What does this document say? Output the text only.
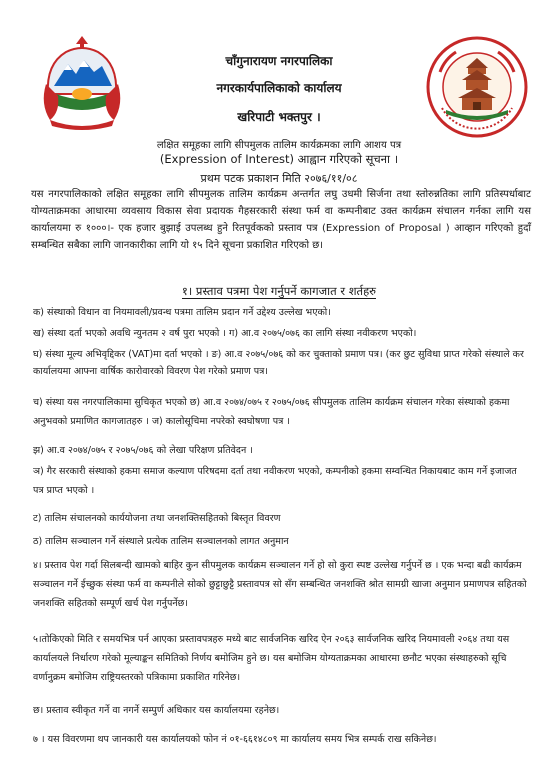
चाँगुनारायण नगरपालिका
नगरकार्यपालिकाको कार्यालय
खरिपाटी भक्तपुर ।
लक्षित समूहका लागि सीपमुलक तालिम कार्यक्रमका लागि आशय पत्र
(Expression of Interest) आह्वान गरिएको सूचना ।
प्रथम पटक प्रकाशन मिति २०७६/११/०८
यस नगरपालिकाको लक्षित समूहका लागि सीपमुलक तालिम कार्यक्रम अन्तर्गत लघु उधमी सिर्जना तथा स्तोरुन्नतिका लागि प्रतिस्पर्धाबाट योग्यताक्रमका आधारमा व्यवसाय विकास सेवा प्रदायक गैहसरकारी संस्था फर्म वा कम्पनीबाट उक्त कार्यक्रम संचालन गर्नका लागि यस कार्यालयमा रु १०००।- एक हजार बुझाई उपलब्ध हुने रितपूर्वकको प्रस्ताव पत्र (Expression of Proposal ) आव्हान गरिएको हुदाँ सम्बन्धित सबैका लागि जानकारीका लागि यो १५ दिने सूचना प्रकाशित गरिएको छ।
१। प्रस्ताव पत्रमा पेश गर्नुपर्ने कागजात र शर्तहरु
क) संस्थाको विधान वा नियमावली/प्रवन्ध पत्रमा तालिम प्रदान गर्ने उद्देश्य उल्लेख भएको।
ख) संस्था दर्ता भएको अवधि न्युनतम २ वर्ष पुरा भएको । ग) आ.व २०७५/०७६ का लागि संस्था नवीकरण भएको।
घ) संस्था मूल्य अभिवृद्दिकर (VAT)मा दर्ता भएको । ङ) आ.व २०७५/०७६ को कर चुक्ताको प्रमाण पत्र। (कर छुट सुविधा प्राप्त गरेको संस्थाले कर कार्यालयमा आफ्ना वार्षिक कारोवारको विवरण पेश गरेको प्रमाण पत्र।
च) संस्था यस नगरपालिकामा सुचिकृत भएको छ) आ.व २०७४/०७५ र २०७५/०७६ सीपमुलक तालिम कार्यक्रम संचालन गरेका संस्थाको हकमा अनुभवको प्रमाणित कागजातहरु । ज) कालोसूचिमा नपरेको स्वघोषणा पत्र ।
झ) आ.व २०७४/०७५ र २०७५/०७६ को लेखा परिक्षण प्रतिवेदन ।
ञ) गैर सरकारी संस्थाको हकमा समाज कल्याण परिषदमा दर्ता तथा नवीकरण भएको, कम्पनीको हकमा सम्वन्धित निकायबाट काम गर्ने इजाजत पत्र प्राप्त भएको ।
ट) तालिम संचालनको कार्ययोजना तथा जनशक्तिसहितको बिस्तृत विवरण
ठ) तालिम सञ्चालन गर्ने संस्थाले प्रत्येक तालिम सञ्चालनको लागत अनुमान
४। प्रस्ताव पेश गर्दा सिलबन्दी खामको बाहिर कुन सीपमुलक कार्यक्रम सञ्चालन गर्ने हो सो कुरा स्पष्ट उल्लेख गर्नुपर्ने छ । एक भन्दा बढी कार्यक्रम सञ्चालन गर्ने ईच्छुक संस्था फर्म वा कम्पनीले सोको छुट्टाछुट्टै प्रस्तावपत्र सो सँग सम्बन्धित जनशक्ति श्रोत सामग्री खाजा अनुमान प्रमाणपत्र सहितको जनशक्ति सहितको सम्पूर्ण खर्च पेश गर्नुपर्नेछ।
५।तोकिएको मिति र समयभित्र पर्न आएका प्रस्तावपत्रहरु मध्ये बाट सार्वजनिक खरिद ऐन २०६३ सार्वजनिक खरिद नियमावली २०६४ तथा यस कार्यालयले निर्धारण गरेको मूल्याङ्कन समितिको निर्णय बमोजिम हुने छ। यस बमोजिम योग्यताक्रमका आधारमा छनौट भएका संस्थाहरुको सूचि वर्णानुक्रम बमोजिम राष्ट्रियस्तरको पत्रिकामा प्रकाशित गरिनेछ।
छ। प्रस्ताव स्वीकृत गर्ने वा नगर्ने सम्पुर्ण अधिकार यस कार्यालयमा रहनेछ।
७ । यस विवरणमा थप जानकारी यस कार्यालयको फोन नं ०१-६६१४८०९ मा कार्यालय समय भित्र सम्पर्क राख सकिनेछ।
